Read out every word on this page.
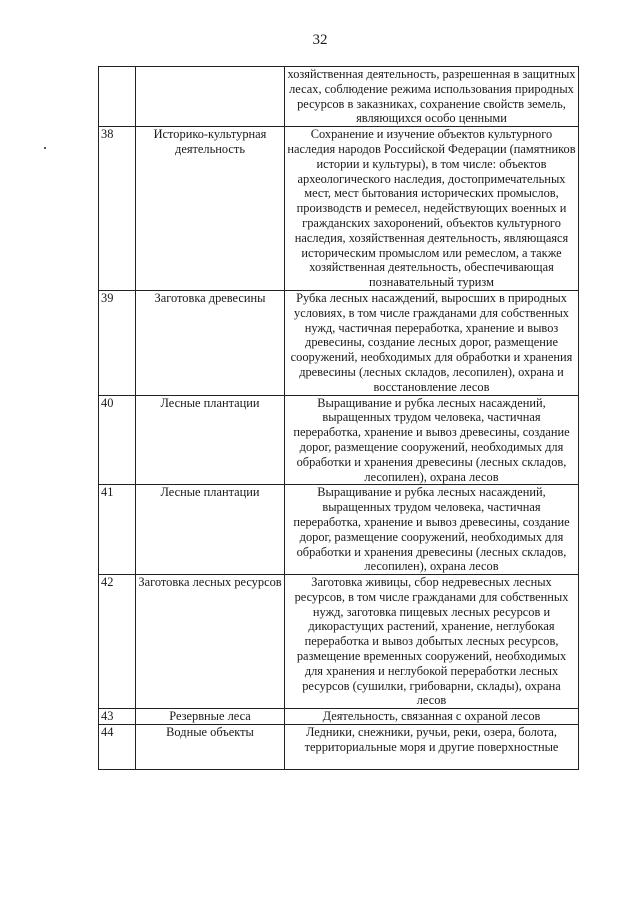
32
		хозяйственная деятельность, разрешенная в защитных лесах, соблюдение режима использования природных ресурсов в заказниках, сохранение свойств земель, являющихся особо ценными
38	Историко-культурная деятельность	Сохранение и изучение объектов культурного наследия народов Российской Федерации (памятников истории и культуры), в том числе: объектов археологического наследия, достопримечательных мест, мест бытования исторических промыслов, производств и ремесел, недействующих военных и гражданских захоронений, объектов культурного наследия, хозяйственная деятельность, являющаяся историческим промыслом или ремеслом, а также хозяйственная деятельность, обеспечивающая познавательный туризм
39	Заготовка древесины	Рубка лесных насаждений, выросших в природных условиях, в том числе гражданами для собственных нужд, частичная переработка, хранение и вывоз древесины, создание лесных дорог, размещение сооружений, необходимых для обработки и хранения древесины (лесных складов, лесопилен), охрана и восстановление лесов
40	Лесные плантации	Выращивание и рубка лесных насаждений, выращенных трудом человека, частичная переработка, хранение и вывоз древесины, создание дорог, размещение сооружений, необходимых для обработки и хранения древесины (лесных складов, лесопилен), охрана лесов
41	Лесные плантации	Выращивание и рубка лесных насаждений, выращенных трудом человека, частичная переработка, хранение и вывоз древесины, создание дорог, размещение сооружений, необходимых для обработки и хранения древесины (лесных складов, лесопилен), охрана лесов
42	Заготовка лесных ресурсов	Заготовка живицы, сбор недревесных лесных ресурсов, в том числе гражданами для собственных нужд, заготовка пищевых лесных ресурсов и дикорастущих растений, хранение, неглубокая переработка и вывоз добытых лесных ресурсов, размещение временных сооружений, необходимых для хранения и неглубокой переработки лесных ресурсов (сушилки, грибоварни, склады), охрана лесов
43	Резервные леса	Деятельность, связанная с охраной лесов
44	Водные объекты	Ледники, снежники, ручьи, реки, озера, болота, территориальные моря и другие поверхностные
